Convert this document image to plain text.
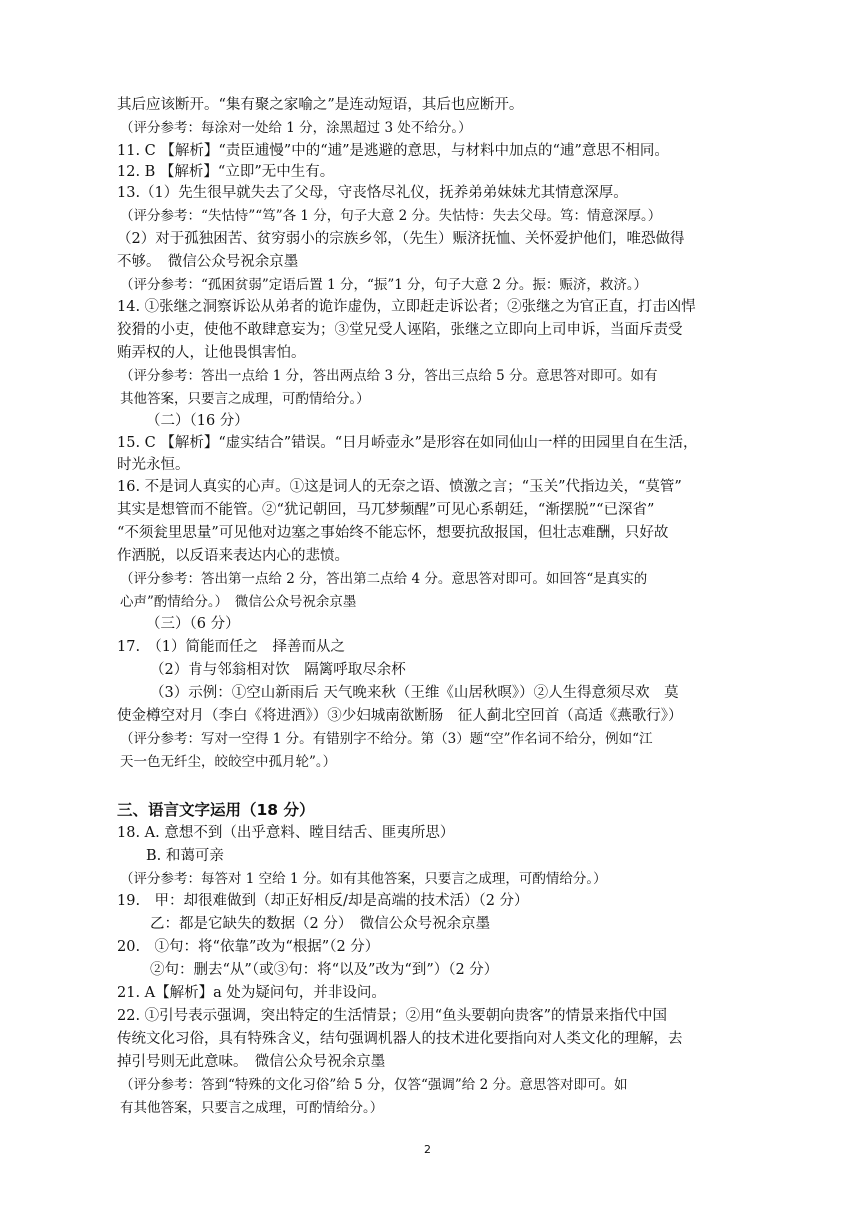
其后应该断开。“集有聚之家喻之”是连动短语，其后也应断开。
（评分参考：每涂对一处给 1 分，涂黑超过 3 处不给分。）
11. C 【解析】“责臣逋慢”中的“逋”是逃避的意思，与材料中加点的“逋”意思不相同。
12. B 【解析】“立即”无中生有。
13.（1）先生很早就失去了父母，守丧恪尽礼仪，抚养弟弟妹妹尤其情意深厚。
（评分参考：“失怙恃”“笃”各 1 分，句子大意 2 分。失怙恃：失去父母。笃：情意深厚。）
（2）对于孤独困苦、贫穷弱小的宗族乡邻，（先生）赈济抚恤、关怀爱护他们，唯恐做得
不够。　微信公众号祝余京墨
（评分参考：“孤困贫弱”定语后置 1 分，“振”1 分，句子大意 2 分。振：赈济，救济。）
14. ①张继之洞察诉讼从弟者的诡诈虚伪，立即赶走诉讼者；②张继之为官正直，打击凶悍
狡猾的小吏，使他不敢肆意妄为；③堂兄受人诬陷，张继之立即向上司申诉，当面斥责受
贿弄权的人，让他畏惧害怕。
（评分参考：答出一点给 1 分，答出两点给 3 分，答出三点给 5 分。意思答对即可。如有
其他答案，只要言之成理，可酌情给分。）
（二）（16 分）
15. C 【解析】“虚实结合”错误。“日月峤壶永”是形容在如同仙山一样的田园里自在生活，
时光永恒。
16. 不是词人真实的心声。①这是词人的无奈之语、愤激之言；“玉关”代指边关，“莫管”
其实是想管而不能管。②“犹记朝回，马兀梦频醒”可见心系朝廷，“渐摆脱”“已深省”
“不须瓮里思量”可见他对边塞之事始终不能忘怀，想要抗敌报国，但壮志难酬，只好故
作洒脱，以反语来表达内心的悲愤。
（评分参考：答出第一点给 2 分，答出第二点给 4 分。意思答对即可。如回答“是真实的
心声”酌情给分。）　微信公众号祝余京墨
（三）（6 分）
17.　（1）简能而任之　择善而从之
（2）肯与邻翁相对饮　隔篱呼取尽余杯
（3）示例：①空山新雨后 天气晚来秋（王维《山居秋暝》）②人生得意须尽欢　莫
使金樽空对月（李白《将进酒》）③少妇城南欲断肠　征人蓟北空回首（高适《燕歌行》）
（评分参考：写对一空得 1 分。有错别字不给分。第（3）题“空”作名词不给分，例如“江
天一色无纤尘，皎皎空中孤月轮”。）
三、语言文字运用（18 分）
18. A. 意想不到（出乎意料、瞠目结舌、匪夷所思）
B. 和蔼可亲
（评分参考：每答对 1 空给 1 分。如有其他答案，只要言之成理，可酌情给分。）
19.　甲：却很难做到（却正好相反/却是高端的技术活）（2 分）
乙：都是它缺失的数据（2 分）　微信公众号祝余京墨
20.　①句：将“依靠”改为“根据”（2 分）
②句：删去“从”（或③句：将“以及”改为“到”）（2 分）
21. A【解析】a 处为疑问句，并非设问。
22. ①引号表示强调，突出特定的生活情景；②用“鱼头要朝向贵客”的情景来指代中国
传统文化习俗，具有特殊含义，结句强调机器人的技术进化要指向对人类文化的理解，去
掉引号则无此意味。　微信公众号祝余京墨
（评分参考：答到“特殊的文化习俗”给 5 分，仅答“强调”给 2 分。意思答对即可。如
有其他答案，只要言之成理，可酌情给分。）
2
